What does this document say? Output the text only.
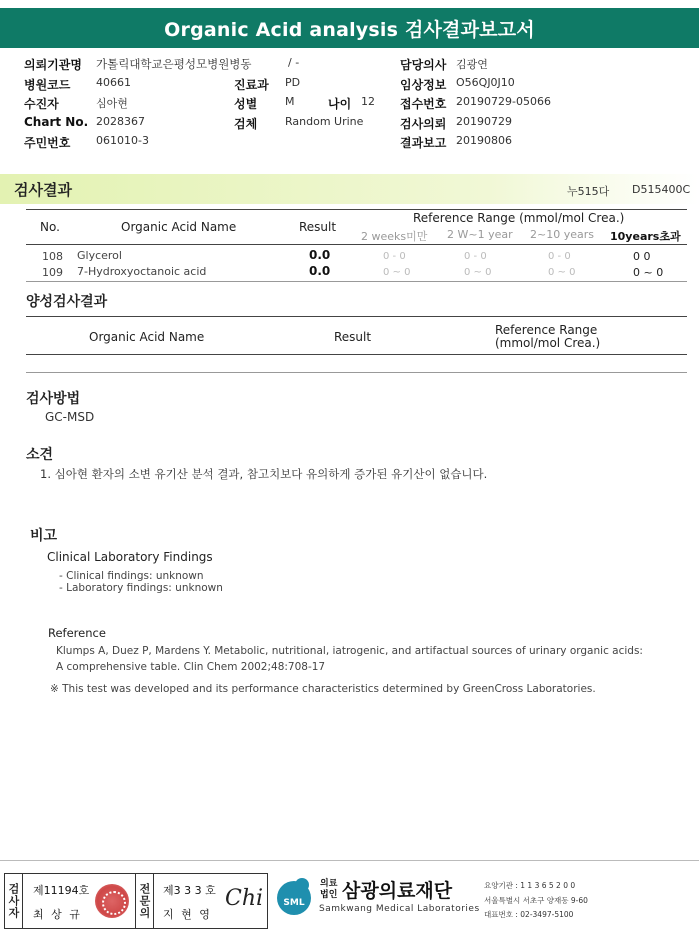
Organic Acid analysis 검사결과보고서
의뢰기관명 가톨릭대학교은평성모병원병동	/ -	담당의사 김광연
병원코드 40661	진료과 PD	임상정보 O56QJ0J10
수진자	심아현	성별	M	나이 12 접수번호 20190729-05066
Chart No. 2028367	검체	Random Urine	검사의뢰 20190729
주민번호 061010-3	결과보고 20190806
검사결과	누515다 D515400C
No.	Organic Acid Name	Result
Reference Range (mmol/mol Crea.)
2 weeks미만 2 W~1 year 2~10 years 10years초과
108 Glycerol	0.0	0 - 0	0 - 0	0 - 0	0 0
109 7-Hydroxyoctanoic acid	0.0	0 ~ 0	0 ~ 0	0 ~ 0	0 ~ 0
양성검사결과
Organic Acid Name	Result	Reference Range
(mmol/mol Crea.)
검사방법
GC-MSD
소견
1. 심아현 환자의 소변 유기산 분석 결과, 참고치보다 유의하게 증가된 유기산이 없습니다.
비고
Clinical Laboratory Findings
- Clinical findings: unknown
- Laboratory findings: unknown
Reference
Klumps A, Duez P, Mardens Y. Metabolic, nutritional, iatrogenic, and artifactual sources of urinary organic acids:
A comprehensive table. Clin Chem 2002;48:708-17
※ This test was developed and its performance characteristics determined by GreenCross Laboratories.
검사자 제11194호
최 상 규	전문의 제3 3 3 호
지 현 영
Chi SML
의료
법인 삼광의료재단
Samkwang Medical Laboratories
요양기관 : 1 1 3 6 5 2 0 0
서울특별시 서초구 양재동 9-60
대표번호 : 02-3497-5100
